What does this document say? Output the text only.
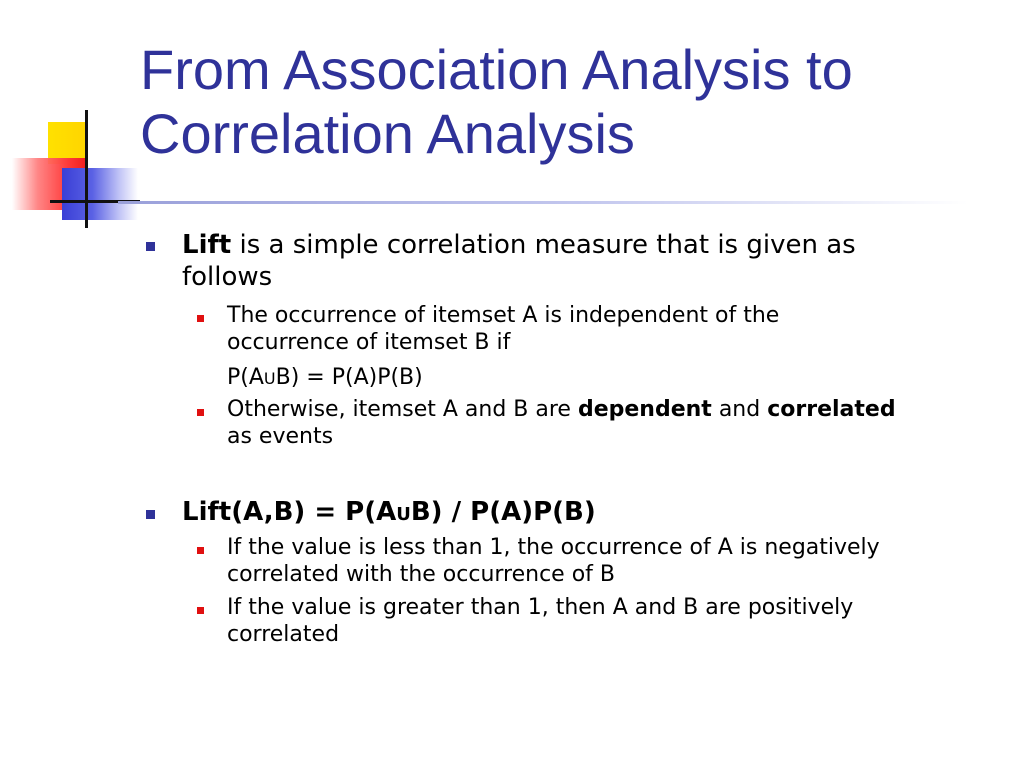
From Association Analysis to
Correlation Analysis
Lift is a simple correlation measure that is given as
follows
The occurrence of itemset A is independent of the
occurrence of itemset B if
P(AUB) = P(A)P(B)
Otherwise, itemset A and B are dependent and correlated
as events
Lift(A,B) = P(AUB) / P(A)P(B)
If the value is less than 1, the occurrence of A is negatively
correlated with the occurrence of B
If the value is greater than 1, then A and B are positively
correlated
